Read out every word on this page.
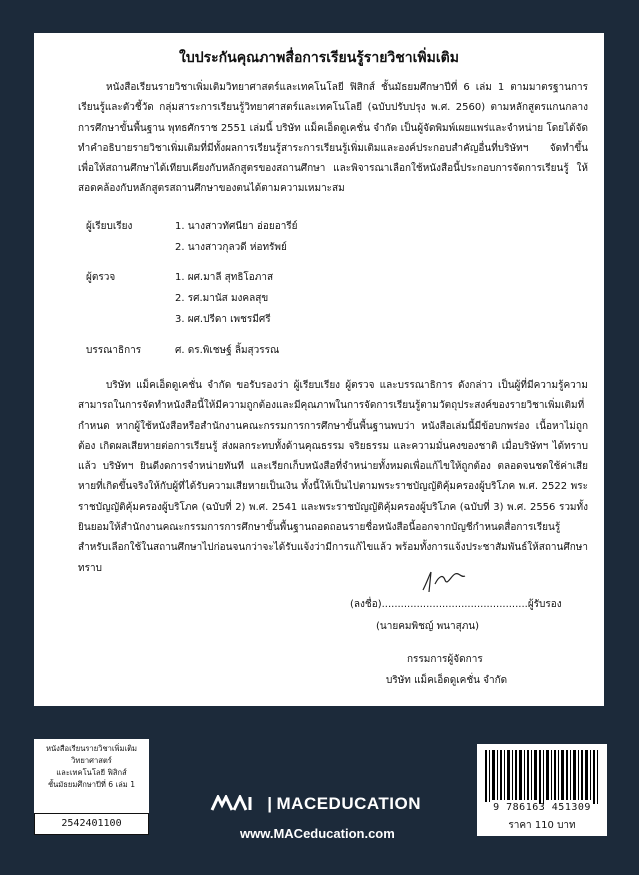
ใบประกันคุณภาพสื่อการเรียนรู้รายวิชาเพิ่มเติม
หนังสือเรียนรายวิชาเพิ่มเติมวิทยาศาสตร์และเทคโนโลยี ฟิสิกส์ ชั้นมัธยมศึกษาปีที่ 6 เล่ม 1 ตามมาตรฐานการเรียนรู้และตัวชี้วัด กลุ่มสาระการเรียนรู้วิทยาศาสตร์และเทคโนโลยี (ฉบับปรับปรุง พ.ศ. 2560) ตามหลักสูตรแกนกลางการศึกษาขั้นพื้นฐาน พุทธศักราช 2551 เล่มนี้ บริษัท แม็คเอ็ดดูเคชั่น จำกัด เป็นผู้จัดพิมพ์เผยแพร่และจำหน่าย โดยได้จัดทำคำอธิบายรายวิชาเพิ่มเติมที่มีทั้งผลการเรียนรู้สาระการเรียนรู้เพิ่มเติมและองค์ประกอบสำคัญอื่นที่บริษัทฯ จัดทำขึ้น เพื่อให้สถานศึกษาได้เทียบเคียงกับหลักสูตรของสถานศึกษา และพิจารณาเลือกใช้หนังสือนี้ประกอบการจัดการเรียนรู้ ให้สอดคล้องกับหลักสูตรสถานศึกษาของตนได้ตามความเหมาะสม
ผู้เรียบเรียง	1. นางสาวทัศนียา อ่อยอารีย์
2. นางสาวกุลวดี ห่อทรัพย์
ผู้ตรวจ	1. ผศ.มาลี สุทธิโอภาส
2. รศ.มานัส มงคลสุข
3. ผศ.ปรีดา เพชรมีศรี
บรรณาธิการ	ศ. ดร.พิเชษฐ์ ลิ้มสุวรรณ
บริษัท แม็คเอ็ดดูเคชั่น จำกัด ขอรับรองว่า ผู้เรียบเรียง ผู้ตรวจ และบรรณาธิการ ดังกล่าว เป็นผู้ที่มีความรู้ความสามารถในการจัดทำหนังสือนี้ให้มีความถูกต้องและมีคุณภาพในการจัดการเรียนรู้ตามวัตถุประสงค์ของรายวิชาเพิ่มเติมที่กำหนด หากผู้ใช้หนังสือหรือสำนักงานคณะกรรมการการศึกษาขั้นพื้นฐานพบว่า หนังสือเล่มนี้มีข้อบกพร่อง เนื้อหาไม่ถูกต้อง เกิดผลเสียหายต่อการเรียนรู้ ส่งผลกระทบทั้งด้านคุณธรรม จริยธรรม และความมั่นคงของชาติ เมื่อบริษัทฯ ได้ทราบแล้ว บริษัทฯ ยินดีงดการจำหน่ายทันที และเรียกเก็บหนังสือที่จำหน่ายทั้งหมดเพื่อแก้ไขให้ถูกต้อง ตลอดจนชดใช้ค่าเสียหายที่เกิดขึ้นจริงให้กับผู้ที่ได้รับความเสียหายเป็นเงิน ทั้งนี้ให้เป็นไปตามพระราชบัญญัติคุ้มครองผู้บริโภค พ.ศ. 2522 พระราชบัญญัติคุ้มครองผู้บริโภค (ฉบับที่ 2) พ.ศ. 2541 และพระราชบัญญัติคุ้มครองผู้บริโภค (ฉบับที่ 3) พ.ศ. 2556 รวมทั้งยินยอมให้สำนักงานคณะกรรมการการศึกษาขั้นพื้นฐานถอดถอนรายชื่อหนังสือนี้ออกจากบัญชีกำหนดสื่อการเรียนรู้สำหรับเลือกใช้ในสถานศึกษาไปก่อนจนกว่าจะได้รับแจ้งว่ามีการแก้ไขแล้ว พร้อมทั้งการแจ้งประชาสัมพันธ์ให้สถานศึกษาทราบ
(ลงชื่อ)..............................................ผู้รับรอง
(นายคมพิชญ์ พนาสุภน)
กรรมการผู้จัดการ
บริษัท แม็คเอ็ดดูเคชั่น จำกัด
หนังสือเรียนรายวิชาเพิ่มเติมวิทยาศาสตร์
และเทคโนโลยี ฟิสิกส์
ชั้นมัธยมศึกษาปีที่ 6 เล่ม 1
2542401100
| MACEDUCATION
www.MACeducation.com
9 786163 451309
ราคา 110 บาท
